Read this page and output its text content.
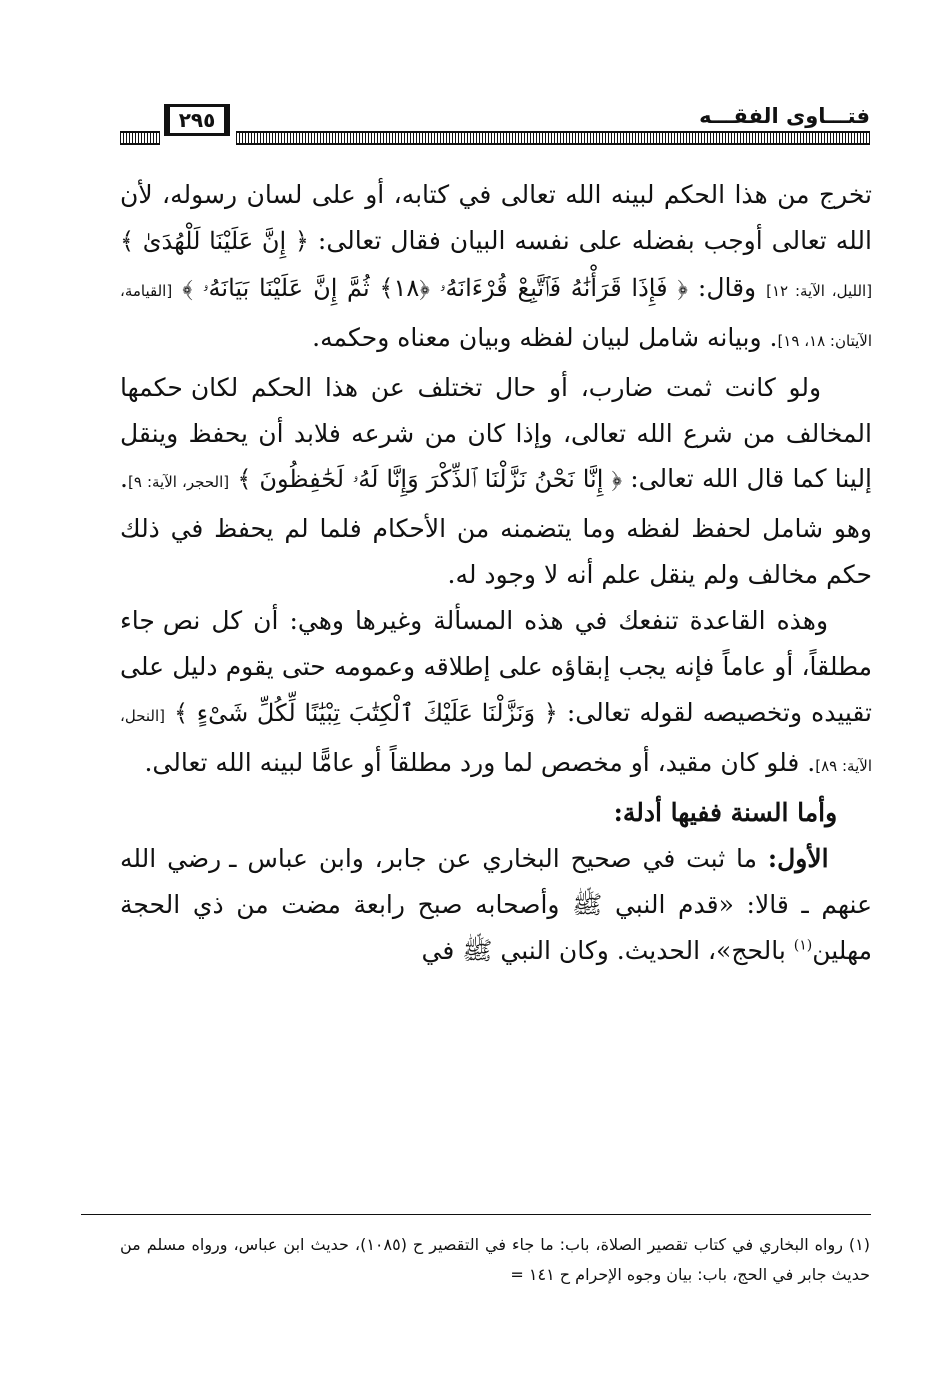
٢٩٥	فتـــاوى الفقـــه

تخرج من هذا الحكم لبينه الله تعالى في كتابه، أو على لسان رسوله، لأن الله تعالى أوجب بفضله على نفسه البيان فقال تعالى: ﴿ إِنَّ عَلَيْنَا لَلْهُدَىٰ ﴾ [الليل، الآية: ١٢] وقال: ﴿ فَإِذَا قَرَأْنَٰهُ فَٱتَّبِعْ قُرْءَانَهُۥ ﴿١٨﴾ ثُمَّ إِنَّ عَلَيْنَا بَيَانَهُۥ ﴾ [القيامة، الآيتان: ١٨، ١٩]. وبيانه شامل لبيان لفظه وبيان معناه وحكمه.

ولو كانت ثمت ضارب، أو حال تختلف عن هذا الحكم لكان حكمها المخالف من شرع الله تعالى، وإذا كان من شرعه فلابد أن يحفظ وينقل إلينا كما قال الله تعالى: ﴿ إِنَّا نَحْنُ نَزَّلْنَا ٱلذِّكْرَ وَإِنَّا لَهُۥ لَحَٰفِظُونَ ﴾ [الحجر، الآية: ٩]. وهو شامل لحفظ لفظه وما يتضمنه من الأحكام فلما لم يحفظ في ذلك حكم مخالف ولم ينقل علم أنه لا وجود له.

وهذه القاعدة تنفعك في هذه المسألة وغيرها وهي: أن كل نص جاء مطلقاً، أو عاماً فإنه يجب إبقاؤه على إطلاقه وعمومه حتى يقوم دليل على تقييده وتخصيصه لقوله تعالى: ﴿ وَنَزَّلْنَا عَلَيْكَ ٱلْكِتَٰبَ تِبْيَٰنًا لِّكُلِّ شَىْءٍ ﴾ [النحل، الآية: ٨٩]. فلو كان مقيد، أو مخصص لما ورد مطلقاً أو عامًّا لبينه الله تعالى.

وأما السنة ففيها أدلة:

الأول: ما ثبت في صحيح البخاري عن جابر، وابن عباس ـ رضي الله عنهم ـ قالا: «قدم النبي ﷺ وأصحابه صبح رابعة مضت من ذي الحجة مهلين$^{(١)}$ بالحج»، الحديث. وكان النبي ﷺ في

(١) رواه البخاري في كتاب تقصير الصلاة، باب: ما جاء في التقصير ح (١٠٨٥)، حديث ابن عباس، ورواه مسلم من حديث جابر في الحج، باب: بيان وجوه الإحرام ح ١٤١ =
